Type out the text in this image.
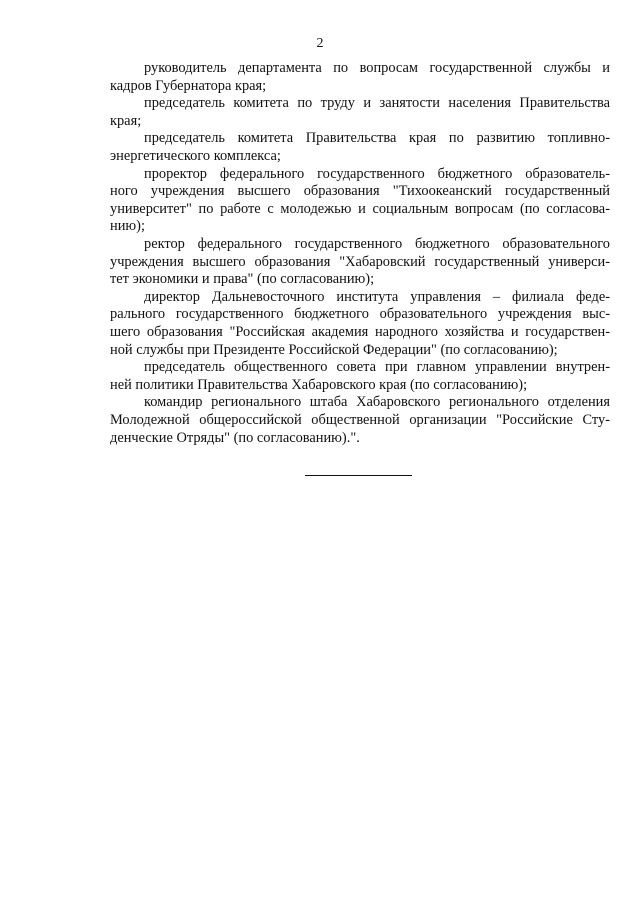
2
руководитель департамента по вопросам государственной службы и
кадров Губернатора края;
председатель комитета по труду и занятости населения Правительства
края;
председатель комитета Правительства края по развитию топливно-
энергетического комплекса;
проректор федерального государственного бюджетного образователь-
ного учреждения высшего образования "Тихоокеанский государственный
университет" по работе с молодежью и социальным вопросам (по согласова-
нию);
ректор федерального государственного бюджетного образовательного
учреждения высшего образования "Хабаровский государственный универси-
тет экономики и права" (по согласованию);
директор Дальневосточного института управления – филиала феде-
рального государственного бюджетного образовательного учреждения выс-
шего образования "Российская академия народного хозяйства и государствен-
ной службы при Президенте Российской Федерации" (по согласованию);
председатель общественного совета при главном управлении внутрен-
ней политики Правительства Хабаровского края (по согласованию);
командир регионального штаба Хабаровского регионального отделения
Молодежной общероссийской общественной организации "Российские Сту-
денческие Отряды" (по согласованию).".
